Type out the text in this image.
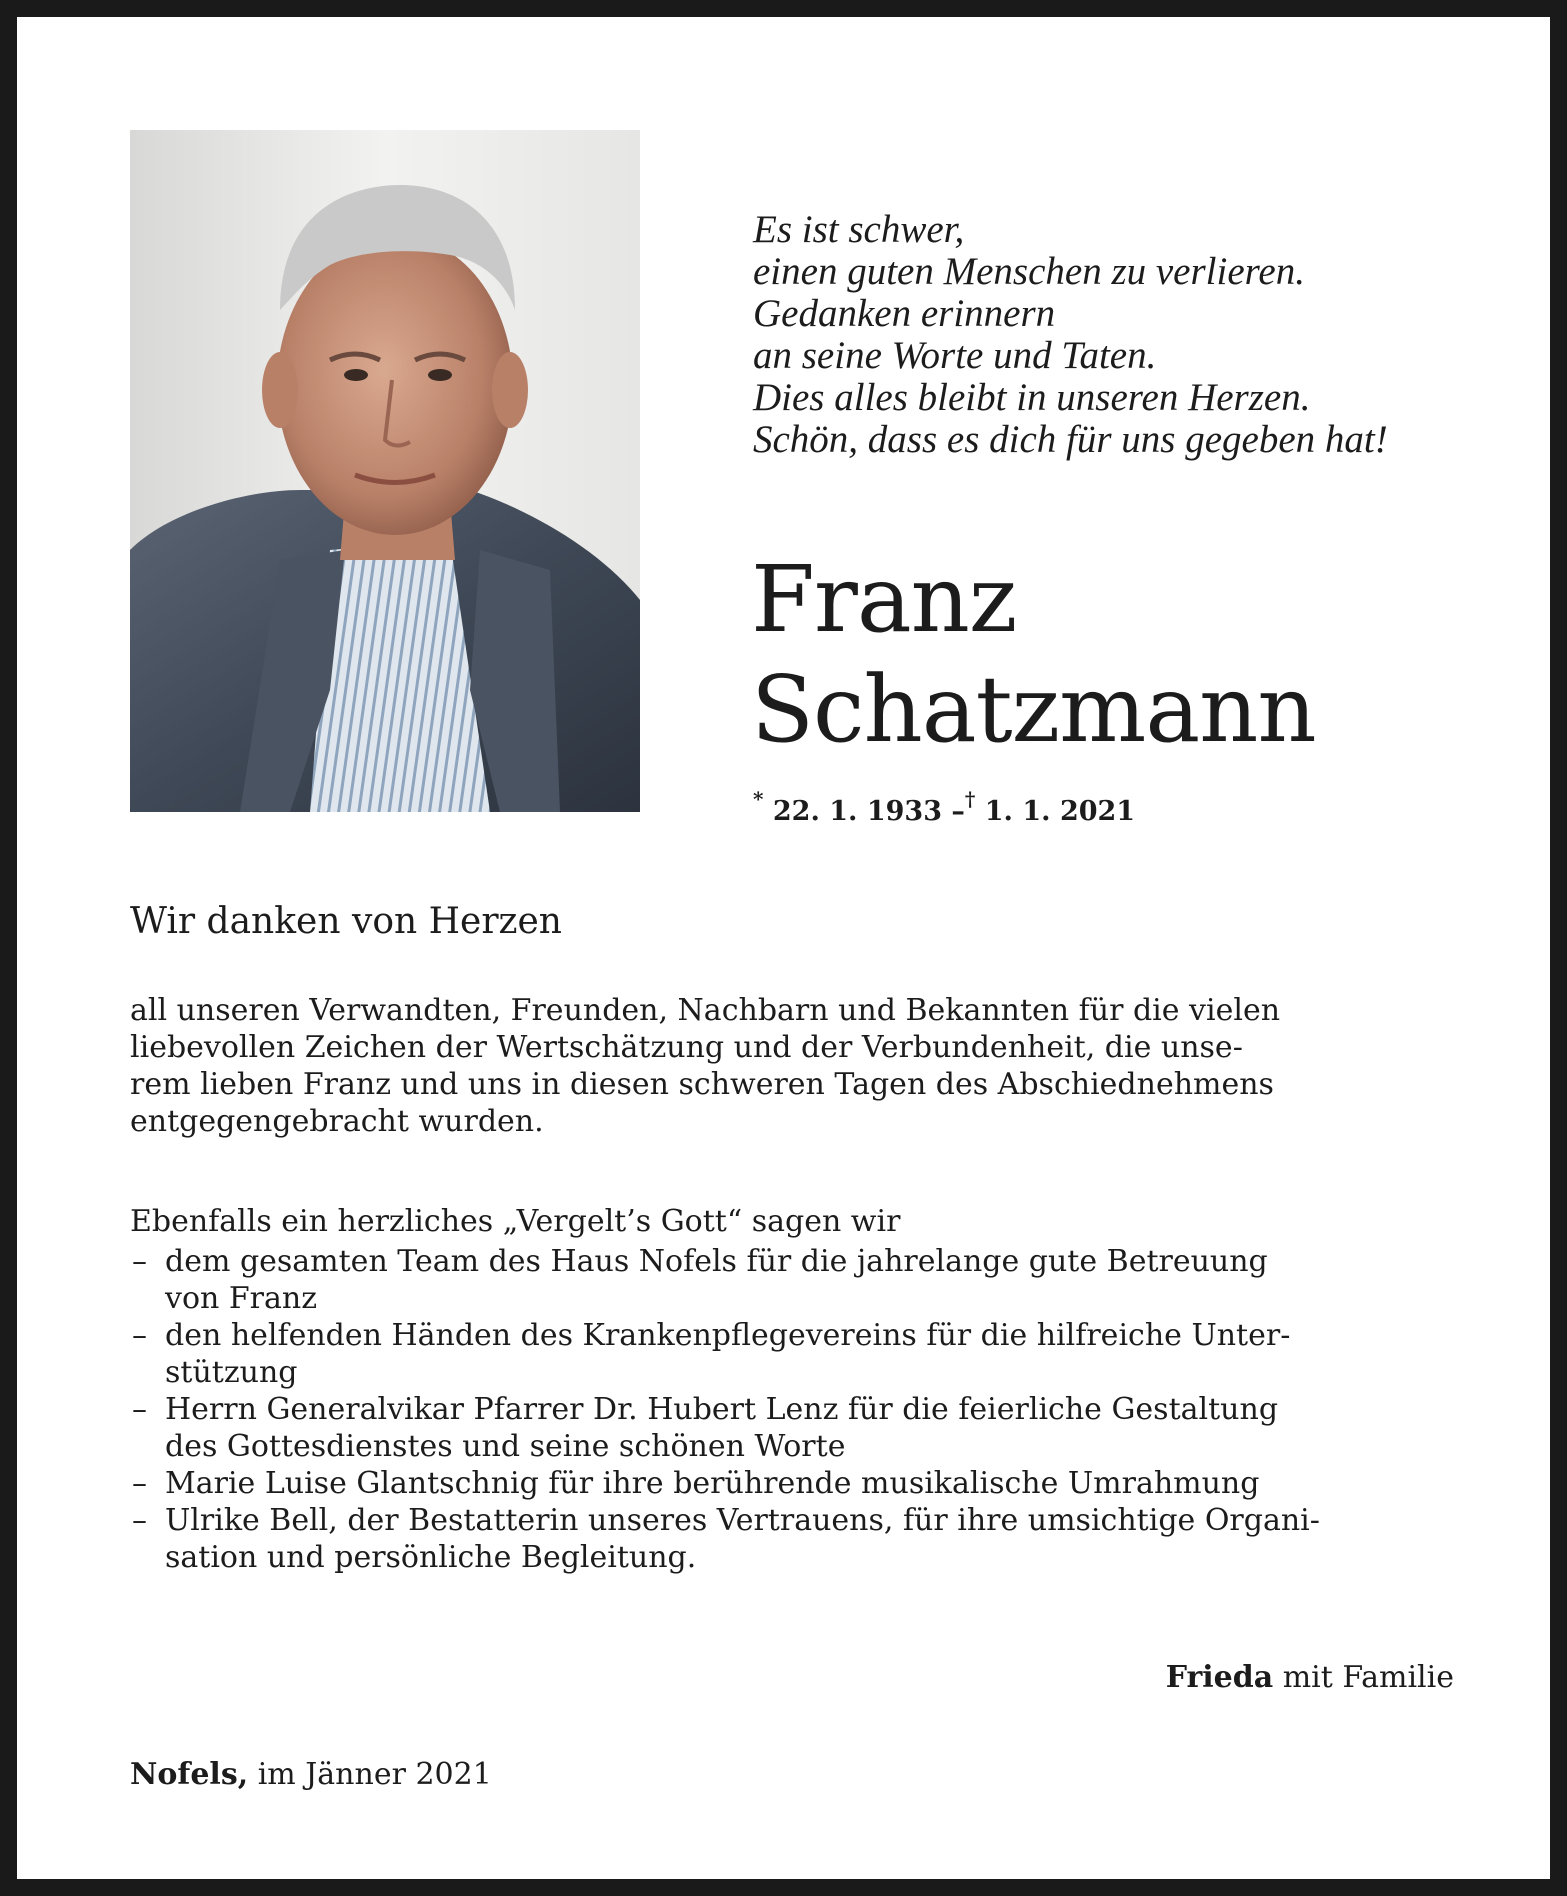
Es ist schwer,
einen guten Menschen zu verlieren.
Gedanken erinnern
an seine Worte und Taten.
Dies alles bleibt in unseren Herzen.
Schön, dass es dich für uns gegeben hat!
Franz
Schatzmann
* 22. 1. 1933 –† 1. 1. 2021
Wir danken von Herzen
all unseren Verwandten, Freunden, Nachbarn und Bekannten für die vielen
liebevollen Zeichen der Wertschätzung und der Verbundenheit, die unse-
rem lieben Franz und uns in diesen schweren Tagen des Abschiednehmens
entgegengebracht wurden.
Ebenfalls ein herzliches „Vergelt’s Gott“ sagen wir
– dem gesamten Team des Haus Nofels für die jahrelange gute Betreuung
von Franz
– den helfenden Händen des Krankenpflegevereins für die hilfreiche Unter-
stützung
– Herrn Generalvikar Pfarrer Dr. Hubert Lenz für die feierliche Gestaltung
des Gottesdienstes und seine schönen Worte
– Marie Luise Glantschnig für ihre berührende musikalische Umrahmung
– Ulrike Bell, der Bestatterin unseres Vertrauens, für ihre umsichtige Organi-
sation und persönliche Begleitung.
Frieda mit Familie
Nofels, im Jänner 2021
